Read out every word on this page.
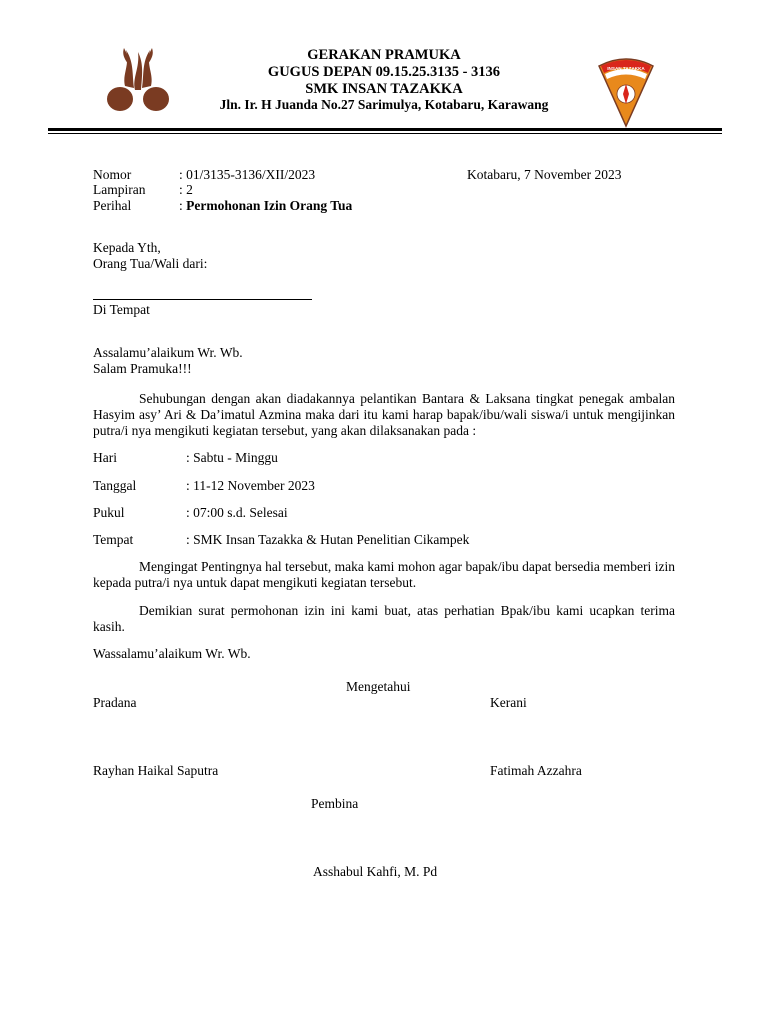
GERAKAN PRAMUKA
GUGUS DEPAN 09.15.25.3135 - 3136
SMK INSAN TAZAKKA
Jln. Ir. H Juanda No.27 Sarimulya, Kotabaru, Karawang
INSAN TAZAKKA
Nomor	: 01/3135-3136/XII/2023	Kotabaru, 7 November 2023
Lampiran : 2
Perihal	: Permohonan Izin Orang Tua
Kepada Yth,
Orang Tua/Wali dari:
Di Tempat
Assalamu’alaikum Wr. Wb.
Salam Pramuka!!!
Sehubungan dengan akan diadakannya pelantikan Bantara & Laksana tingkat penegak ambalan Hasyim asy’ Ari & Da’imatul Azmina maka dari itu kami harap bapak/ibu/wali siswa/i untuk mengijinkan putra/i nya mengikuti kegiatan tersebut, yang akan dilaksanakan pada :
Hari	: Sabtu - Minggu
Tanggal	: 11-12 November 2023
Pukul	: 07:00 s.d. Selesai
Tempat	: SMK Insan Tazakka & Hutan Penelitian Cikampek
Mengingat Pentingnya hal tersebut, maka kami mohon agar bapak/ibu dapat bersedia memberi izin kepada putra/i nya untuk dapat mengikuti kegiatan tersebut.
Demikian surat permohonan izin ini kami buat, atas perhatian Bpak/ibu kami ucapkan terima kasih.
Wassalamu’alaikum Wr. Wb.
Mengetahui
Pradana	Kerani
Rayhan Haikal Saputra	Fatimah Azzahra
Pembina
Asshabul Kahfi, M. Pd
